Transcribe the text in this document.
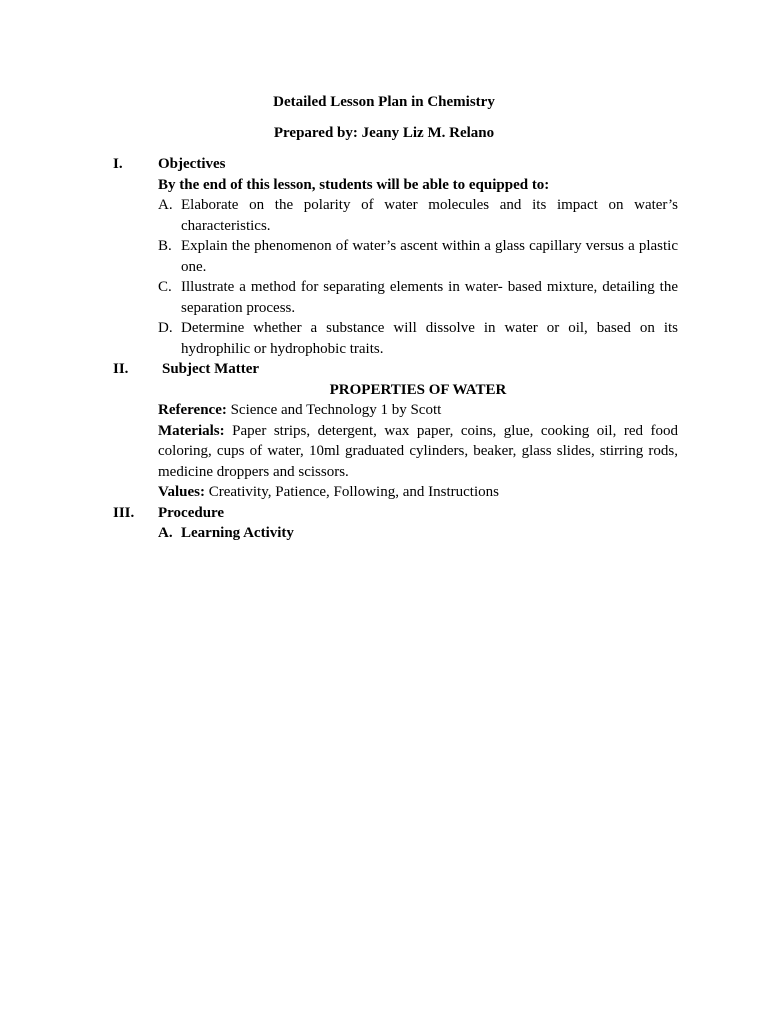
Detailed Lesson Plan in Chemistry
Prepared by: Jeany Liz M. Relano
I. Objectives
By the end of this lesson, students will be able to equipped to:
A. Elaborate on the polarity of water molecules and its impact on water’s characteristics.
B. Explain the phenomenon of water’s ascent within a glass capillary versus a plastic one.
C. Illustrate a method for separating elements in water- based mixture, detailing the separation process.
D. Determine whether a substance will dissolve in water or oil, based on its hydrophilic or hydrophobic traits.
II. Subject Matter
PROPERTIES OF WATER
Reference: Science and Technology 1 by Scott
Materials: Paper strips, detergent, wax paper, coins, glue, cooking oil, red food coloring, cups of water, 10ml graduated cylinders, beaker, glass slides, stirring rods, medicine droppers and scissors.
Values: Creativity, Patience, Following, and Instructions
III. Procedure
A. Learning Activity
